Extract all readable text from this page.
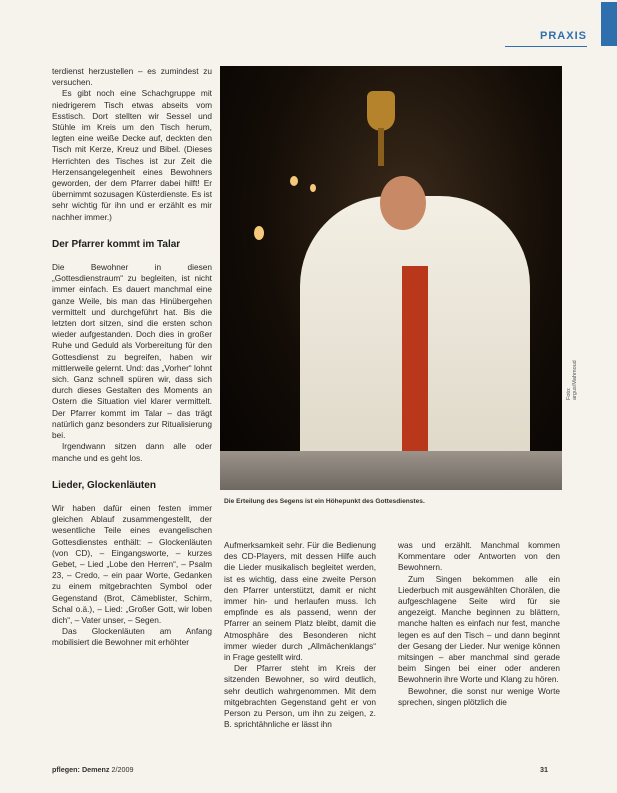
PRAXIS

terdienst herzustellen – es zumindest zu versuchen.

Es gibt noch eine Schachgruppe mit niedrigerem Tisch etwas abseits vom Esstisch. Dort stellten wir Sessel und Stühle im Kreis um den Tisch herum, legten eine weiße Decke auf, deckten den Tisch mit Kerze, Kreuz und Bibel. (Dieses Herrichten des Tisches ist zur Zeit die Herzensangelegenheit eines Bewohners geworden, der dem Pfarrer dabei hilft! Er übernimmt sozusagen Küsterdienste. Es ist sehr wichtig für ihn und er erzählt es mir nachher immer.)

Der Pfarrer kommt im Talar

Die Bewohner in diesen „Gottesdienstraum“ zu begleiten, ist nicht immer einfach. Es dauert manchmal eine ganze Weile, bis man das Hinübergehen vermittelt und durchgeführt hat. Bis die letzten dort sitzen, sind die ersten schon wieder aufgestanden. Doch dies in großer Ruhe und Geduld als Vorbereitung für den Gottesdienst zu begreifen, haben wir mittlerweile gelernt. Und: das „Vorher“ lohnt sich. Ganz schnell spüren wir, dass sich durch dieses Gestalten des Moments an Ostern die Situation viel klarer vermittelt. Der Pfarrer kommt im Talar – das trägt natürlich ganz besonders zur Ritualisierung bei.

Irgendwann sitzen dann alle oder manche und es geht los.

Lieder, Glockenläuten

Wir haben dafür einen festen immer gleichen Ablauf zusammengestellt, der wesentliche Teile eines evangelischen Gottesdienstes enthält: – Glockenläuten (von CD), – Eingangsworte, – kurzes Gebet, – Lied „Lobe den Herren“, – Psalm 23, – Credo, – ein paar Worte, Gedanken zu einem mitgebrachten Symbol oder Gegenstand (Brot, Cämeblister, Schirm, Schal o.ä.), – Lied: „Großer Gott, wir loben dich“, – Vater unser, – Segen.

Das Glockenläuten am Anfang mobilisiert die Bewohner mit erhöhter

Foto: argus/Mahmoud
Die Erteilung des Segens ist ein Höhepunkt des Gottesdienstes.

Aufmerksamkeit sehr. Für die Bedienung des CD-Players, mit dessen Hilfe auch die Lieder musikalisch begleitet werden, ist es wichtig, dass eine zweite Person den Pfarrer unterstützt, damit er nicht immer hin- und herlaufen muss. Ich empfinde es als passend, wenn der Pfarrer an seinem Platz bleibt, damit die Atmosphäre des Besonderen nicht immer wieder durch „Allmächenklangs“ in Frage gestellt wird.

Der Pfarrer steht im Kreis der sitzenden Bewohner, so wird deutlich, sehr deutlich wahrgenommen. Mit dem mitgebrachten Gegenstand geht er von Person zu Person, um ihn zu zeigen, z. B. sprichtähnliche er lässt ihn

was und erzählt. Manchmal kommen Kommentare oder Antworten von den Bewohnern.

Zum Singen bekommen alle ein Liederbuch mit ausgewählten Chorälen, die aufgeschlagene Seite wird für sie angezeigt. Manche beginnen zu blättern, manche halten es einfach nur fest, manche legen es auf den Tisch – und dann beginnt der Gesang der Lieder. Nur wenige können mitsingen – aber manchmal sind gerade beim Singen bei einer oder anderen Bewohnerin ihre Worte und Klang zu hören.

Bewohner, die sonst nur wenige Worte sprechen, singen plötzlich die

pflegen: Demenz 2/2009	31
